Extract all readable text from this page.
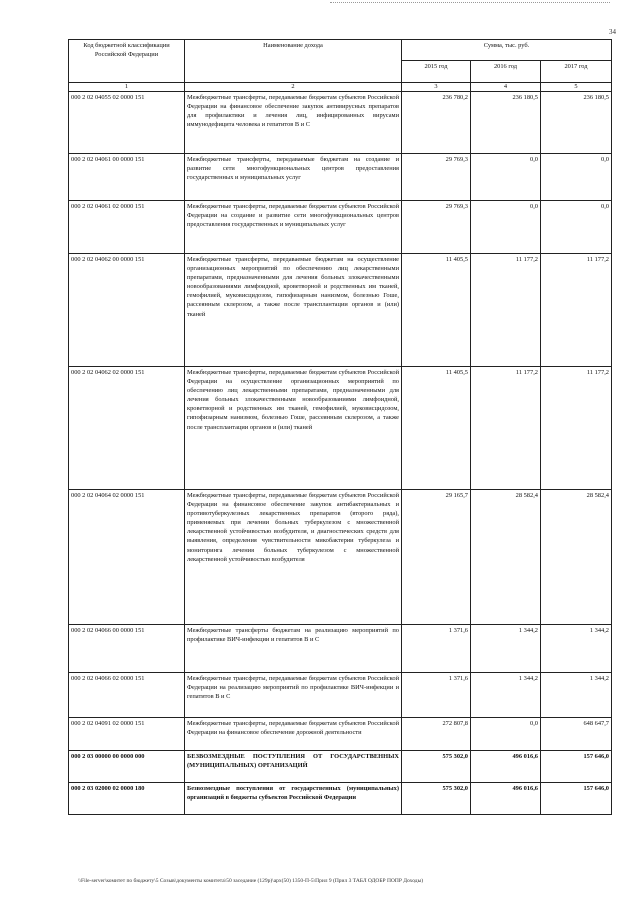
34
Код бюджетной классификации Российской Федерации	Наименование дохода	Сумма, тыс. руб.		
		2015 год	2016 год	2017 год
1	2	3	4	5
000 2 02 04055 02 0000 151	Межбюджетные трансферты, передаваемые бюджетам субъектов Российской Федерации на финансовое обеспечение закупок антивирусных препаратов для профилактики и лечения лиц, инфицированных вирусами иммунодефицита человека и гепатитов В и С	236 780,2	236 180,5	236 180,5
000 2 02 04061 00 0000 151	Межбюджетные трансферты, передаваемые бюджетам на создание и развитие сети многофункциональных центров предоставления государственных и муниципальных услуг	29 769,3	0,0	0,0
000 2 02 04061 02 0000 151	Межбюджетные трансферты, передаваемые бюджетам субъектов Российской Федерации на создание и развитие сети многофункциональных центров предоставления государственных и муниципальных услуг	29 769,3	0,0	0,0
000 2 02 04062 00 0000 151	Межбюджетные трансферты, передаваемые бюджетам на осуществление организационных мероприятий по обеспечению лиц лекарственными препаратами, предназначенными для лечения больных злокачественными новообразованиями лимфоидной, кроветворной и родственных им тканей, гемофилией, муковисцидозом, гипофизарным нанизмом, болезнью Гоше, рассеянным склерозом, а также после трансплантации органов и (или) тканей	11 405,5	11 177,2	11 177,2
000 2 02 04062 02 0000 151	Межбюджетные трансферты, передаваемые бюджетам субъектов Российской Федерации на осуществление организационных мероприятий по обеспечению лиц лекарственными препаратами, предназначенными для лечения больных злокачественными новообразованиями лимфоидной, кроветворной и родственных им тканей, гемофилией, муковисцидозом, гипофизарным нанизмом, болезнью Гоше, рассеянным склерозом, а также после трансплантации органов и (или) тканей	11 405,5	11 177,2	11 177,2
000 2 02 04064 02 0000 151	Межбюджетные трансферты, передаваемые бюджетам субъектов Российской Федерации на финансовое обеспечение закупок антибактериальных и противотуберкулезных лекарственных препаратов (второго ряда), применяемых при лечении больных туберкулезом с множественной лекарственной устойчивостью возбудителя, и диагностических средств для выявления, определения чувствительности микобактерии туберкулеза и мониторинга лечения больных туберкулезом с множественной лекарственной устойчивостью возбудителя	29 165,7	28 582,4	28 582,4
000 2 02 04066 00 0000 151	Межбюджетные трансферты бюджетам на реализацию мероприятий по профилактике ВИЧ-инфекции и гепатитов В и С	1 371,6	1 344,2	1 344,2
000 2 02 04066 02 0000 151	Межбюджетные трансферты, передаваемые бюджетам субъектов Российской Федерации на реализацию мероприятий по профилактике ВИЧ-инфекции и гепатитов В и С	1 371,6	1 344,2	1 344,2
000 2 02 04091 02 0000 151	Межбюджетные трансферты, передаваемые бюджетам субъектов Российской Федерации на финансовое обеспечение дорожной деятельности	272 807,8	0,0	648 647,7
000 2 03 00000 00 0000 000	БЕЗВОЗМЕЗДНЫЕ ПОСТУПЛЕНИЯ ОТ ГОСУДАРСТВЕННЫХ (МУНИЦИПАЛЬНЫХ) ОРГАНИЗАЦИЙ	575 302,0	496 016,6	157 646,0
000 2 03 02000 02 0000 180	Безвозмездные поступления от государственных (муниципальных) организаций в бюджеты субъектов Российской Федерации	575 302,0	496 016,6	157 646,0
\\File-server\комитет по бюджету\5 Созыв\документы комитета\50 заседание (129р)\арх(50) 1350-П-5\Прил 9 (Прил 3 ТАБЛ ОДОБР ПОПР Доходы)
